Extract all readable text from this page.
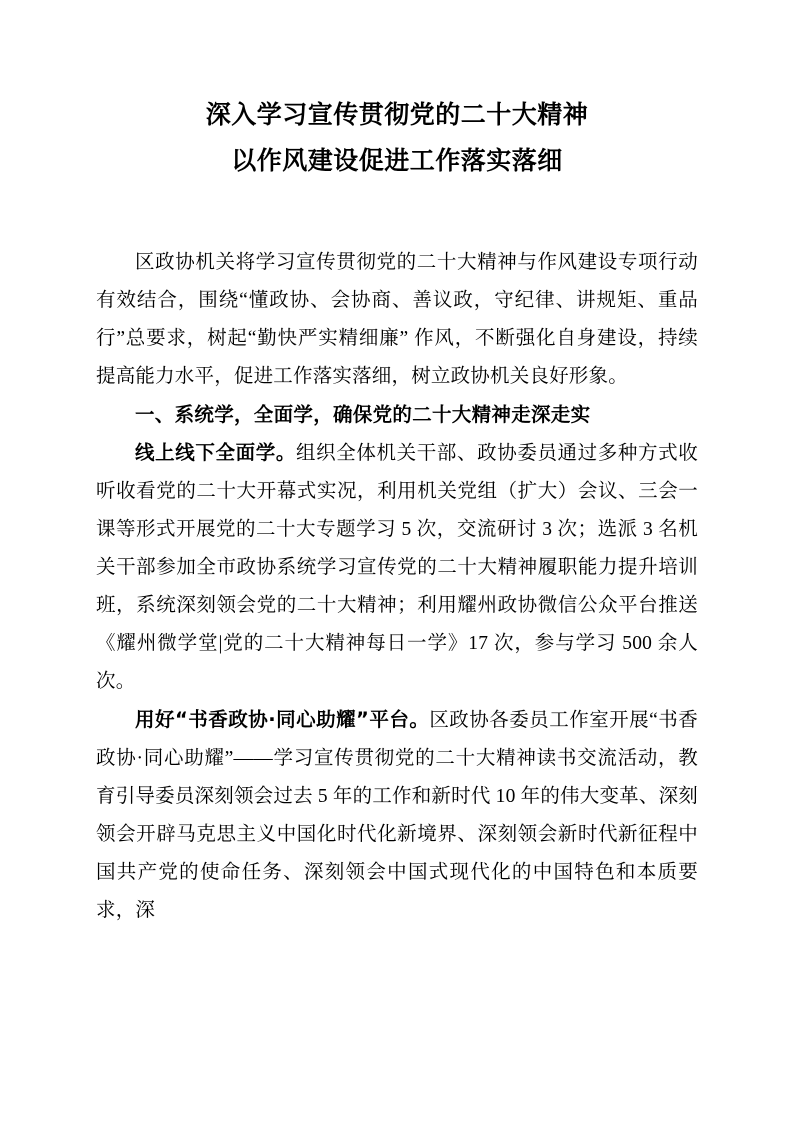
深入学习宣传贯彻党的二十大精神
以作风建设促进工作落实落细

区政协机关将学习宣传贯彻党的二十大精神与作风建设专项行动有效结合，围绕“懂政协、会协商、善议政，守纪律、讲规矩、重品行”总要求，树起“勤快严实精细廉” 作风，不断强化自身建设，持续提高能力水平，促进工作落实落细，树立政协机关良好形象。

一、系统学，全面学，确保党的二十大精神走深走实

线上线下全面学。组织全体机关干部、政协委员通过多种方式收听收看党的二十大开幕式实况，利用机关党组（扩大）会议、三会一课等形式开展党的二十大专题学习 5 次，交流研讨 3 次；选派 3 名机关干部参加全市政协系统学习宣传党的二十大精神履职能力提升培训班，系统深刻领会党的二十大精神；利用耀州政协微信公众平台推送《耀州微学堂|党的二十大精神每日一学》17 次，参与学习 500 余人次。

用好“书香政协·同心助耀”平台。区政协各委员工作室开展“书香政协·同心助耀”——学习宣传贯彻党的二十大精神读书交流活动，教育引导委员深刻领会过去 5 年的工作和新时代 10 年的伟大变革、深刻领会开辟马克思主义中国化时代化新境界、深刻领会新时代新征程中国共产党的使命任务、深刻领会中国式现代化的中国特色和本质要求，深
